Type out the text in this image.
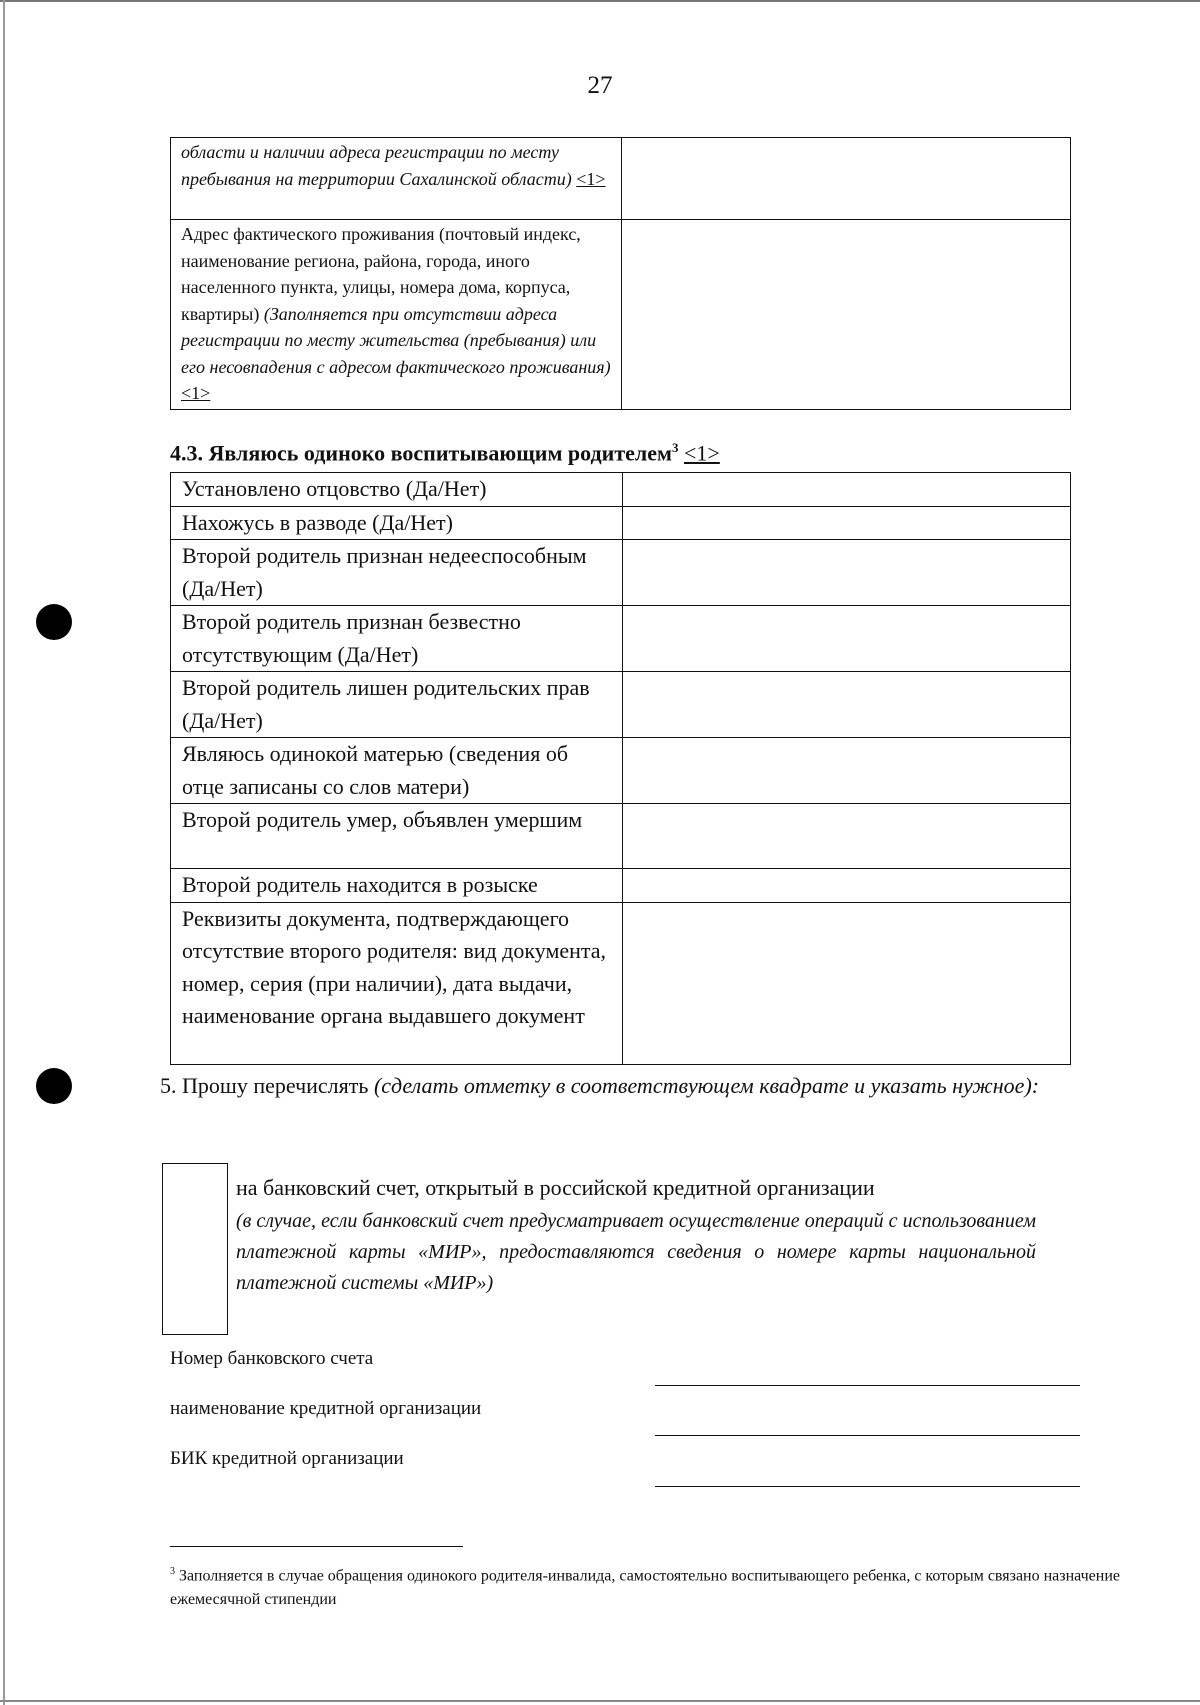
27
области и наличии адреса регистрации по месту пребывания на территории Сахалинской области) <1>	
Адрес фактического проживания (почтовый индекс, наименование региона, района, города, иного населенного пункта, улицы, номера дома, корпуса, квартиры) (Заполняется при отсутствии адреса регистрации по месту жительства (пребывания) или его несовпадения с адресом фактического проживания) <1>	
4.3. Являюсь одиноко воспитывающим родителем$^3$ <1>
Установлено отцовство (Да/Нет)	
Нахожусь в разводе (Да/Нет)	
Второй родитель признан недееспособным (Да/Нет)	
Второй родитель признан безвестно отсутствующим (Да/Нет)	
Второй родитель лишен родительских прав (Да/Нет)	
Являюсь одинокой матерью (сведения об отце записаны со слов матери)	
Второй родитель умер, объявлен умершим	
Второй родитель находится в розыске	
Реквизиты документа, подтверждающего отсутствие второго родителя: вид документа, номер, серия (при наличии), дата выдачи, наименование органа выдавшего документ	
5. Прошу перечислять (сделать отметку в соответствующем квадрате и указать нужное):
на банковский счет, открытый в российской кредитной организации
(в случае, если банковский счет предусматривает осуществление операций с использованием платежной карты «МИР», предоставляются сведения о номере карты национальной платежной системы «МИР»)
Номер банковского счета
наименование кредитной организации
БИК кредитной организации
$^3$ Заполняется в случае обращения одинокого родителя-инвалида, самостоятельно воспитывающего ребенка, с которым связано назначение ежемесячной стипендии
